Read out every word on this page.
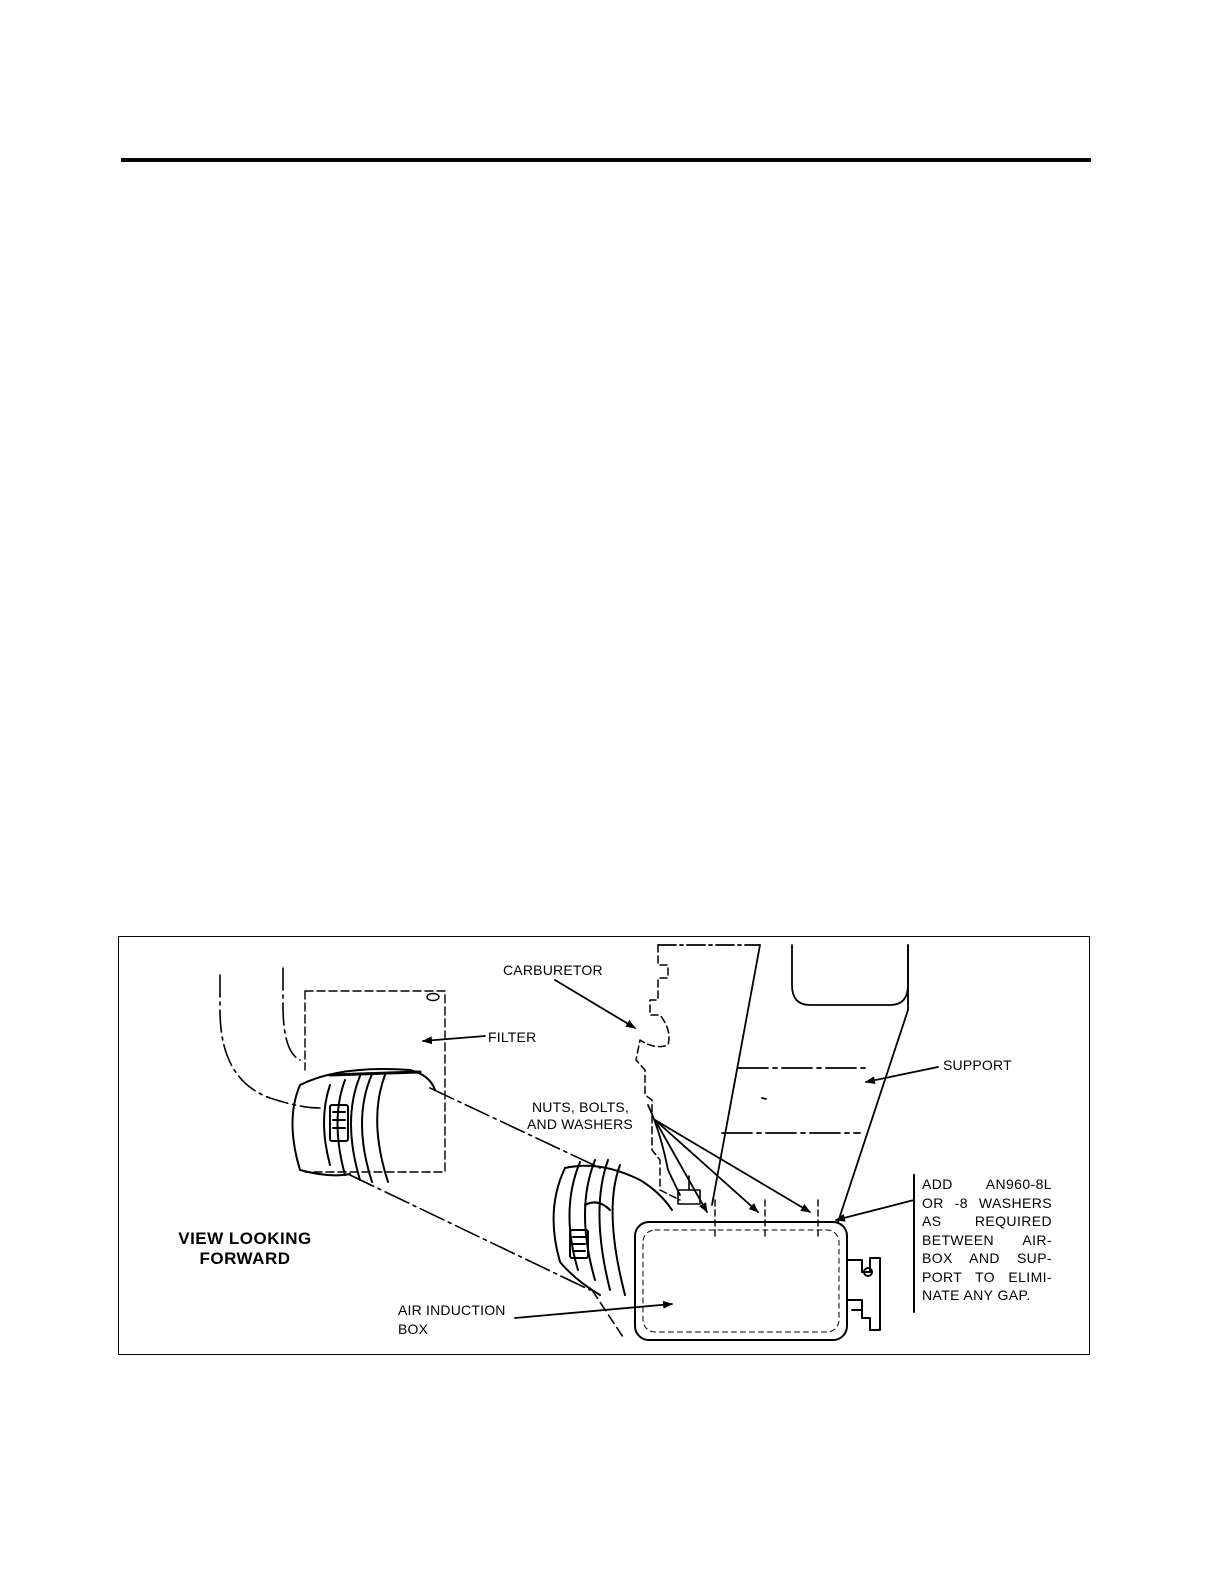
CARBURETOR
FILTER
SUPPORT
NUTS, BOLTS,
AND WASHERS
VIEW LOOKING
FORWARD
AIR INDUCTION
BOX
ADD AN960-8L
OR -8 WASHERS
AS REQUIRED
BETWEEN AIR-
BOX AND SUP-
PORT TO ELIMI-
NATE ANY GAP.
